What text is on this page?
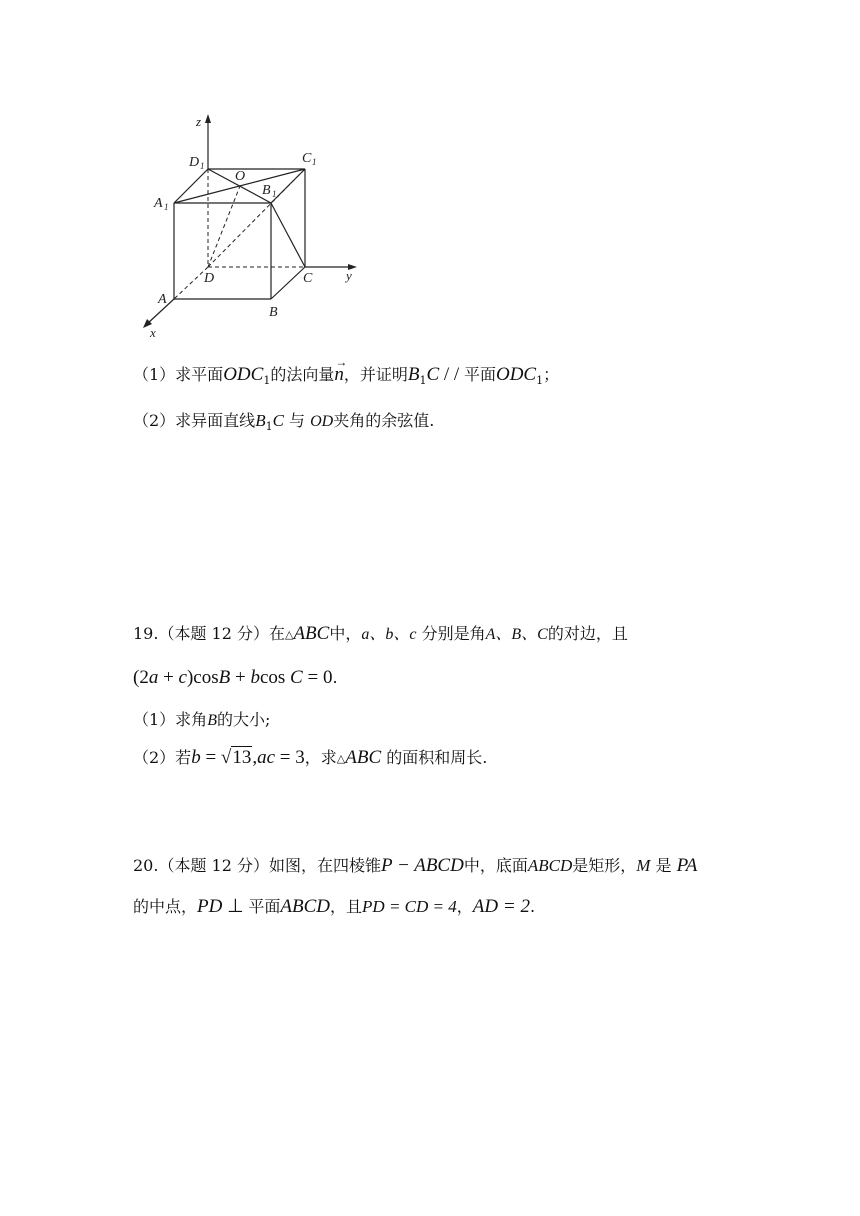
z
y
x
D 1	C 1
A 1
B 1
O
D	C
A
B
（1）求平面$ODC_1$的法向量
→
n，并证明$B_1C$ / / 平面$ODC_1$；
（2）求异面直线$B_1C$ 与 OD夹角的余弦值.
19.（本题 12 分）在△ABC中，a、b、c 分别是角A、B、C的对边，且
(2a + c)cosB + bcos C = 0.
（1）求角B的大小;
（2）若b = √13,ac = 3，求△ABC 的面积和周长.
20.（本题 12 分）如图，在四棱锥P − ABCD中，底面ABCD是矩形，M 是 PA
的中点，PD ⊥ 平面ABCD，且PD = CD = 4，AD = 2.
